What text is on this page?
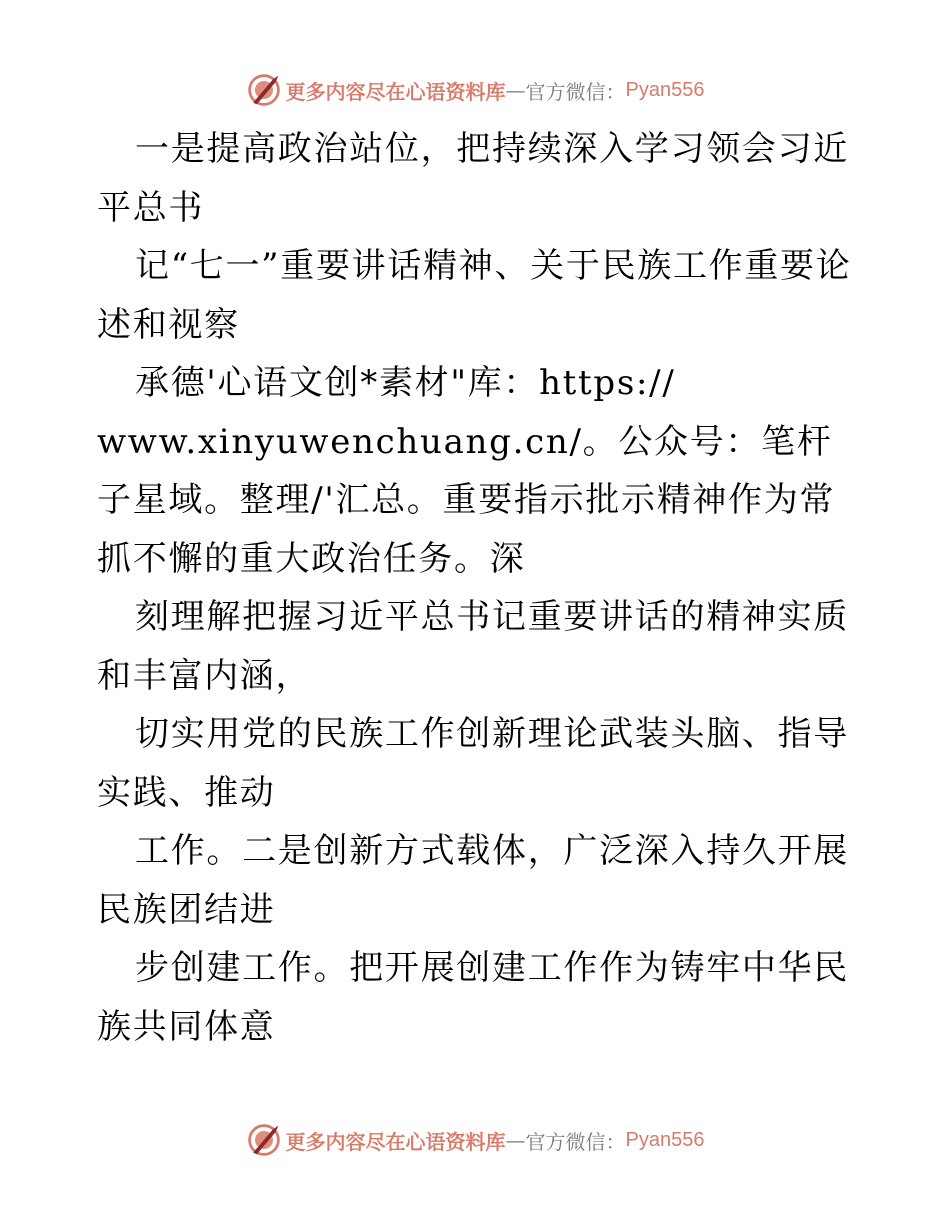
更多内容尽在心语资料库 — 官方微信： Pyan556

一是提高政治站位，把持续深入学习领会习近平总书

记“七一”重要讲话精神、关于民族工作重要论述和视察

承德'心语文创*素材"库：https://

www.xinyuwenchuang.cn/。公众号：笔杆子星域。整理/'汇总。重要指示批示精神作为常抓不懈的重大政治任务。深

刻理解把握习近平总书记重要讲话的精神实质和丰富内涵，

切实用党的民族工作创新理论武装头脑、指导实践、推动

工作。二是创新方式载体，广泛深入持久开展民族团结进

步创建工作。把开展创建工作作为铸牢中华民族共同体意

更多内容尽在心语资料库 — 官方微信： Pyan556
